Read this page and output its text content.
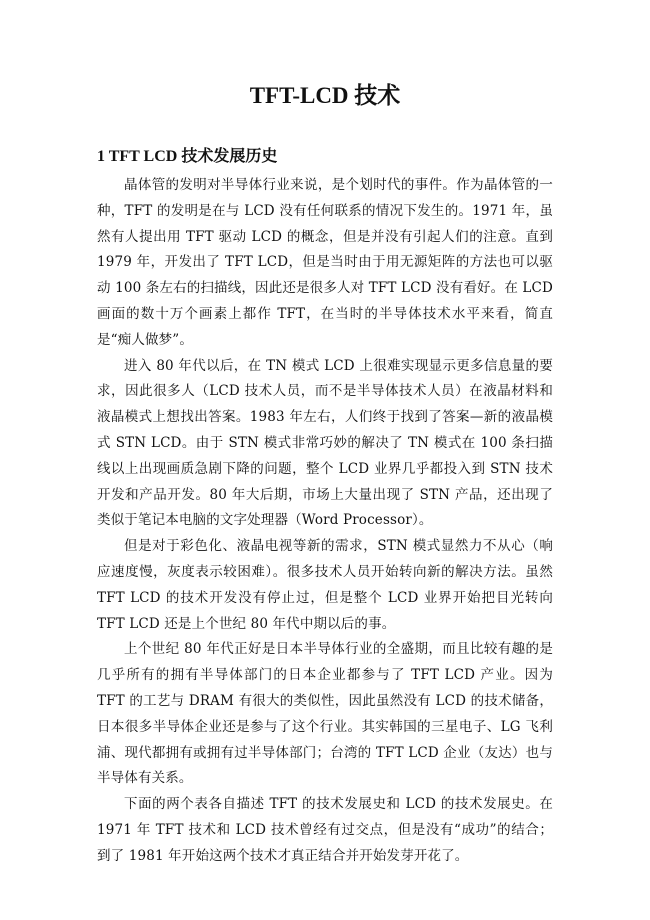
TFT-LCD 技术
1 TFT LCD 技术发展历史

晶体管的发明对半导体行业来说，是个划时代的事件。作为晶体管的一种，TFT 的发明是在与 LCD 没有任何联系的情况下发生的。1971 年，虽然有人提出用 TFT 驱动 LCD 的概念，但是并没有引起人们的注意。直到 1979 年，开发出了 TFT LCD，但是当时由于用无源矩阵的方法也可以驱动 100 条左右的扫描线，因此还是很多人对 TFT LCD 没有看好。在 LCD 画面的数十万个画素上都作 TFT，在当时的半导体技术水平来看，简直是“痴人做梦”。

进入 80 年代以后，在 TN 模式 LCD 上很难实现显示更多信息量的要求，因此很多人（LCD 技术人员，而不是半导体技术人员）在液晶材料和液晶模式上想找出答案。1983 年左右，人们终于找到了答案—新的液晶模式 STN LCD。由于 STN 模式非常巧妙的解决了 TN 模式在 100 条扫描线以上出现画质急剧下降的问题，整个 LCD 业界几乎都投入到 STN 技术开发和产品开发。80 年大后期，市场上大量出现了 STN 产品，还出现了类似于笔记本电脑的文字处理器（Word Processor）。

但是对于彩色化、液晶电视等新的需求，STN 模式显然力不从心（响应速度慢，灰度表示较困难）。很多技术人员开始转向新的解决方法。虽然 TFT LCD 的技术开发没有停止过，但是整个 LCD 业界开始把目光转向 TFT LCD 还是上个世纪 80 年代中期以后的事。

上个世纪 80 年代正好是日本半导体行业的全盛期，而且比较有趣的是几乎所有的拥有半导体部门的日本企业都参与了 TFT LCD 产业。因为 TFT 的工艺与 DRAM 有很大的类似性，因此虽然没有 LCD 的技术储备，日本很多半导体企业还是参与了这个行业。其实韩国的三星电子、LG 飞利浦、现代都拥有或拥有过半导体部门；台湾的 TFT LCD 企业（友达）也与半导体有关系。

下面的两个表各自描述 TFT 的技术发展史和 LCD 的技术发展史。在 1971 年 TFT 技术和 LCD 技术曾经有过交点，但是没有“成功”的结合；到了 1981 年开始这两个技术才真正结合并开始发芽开花了。
